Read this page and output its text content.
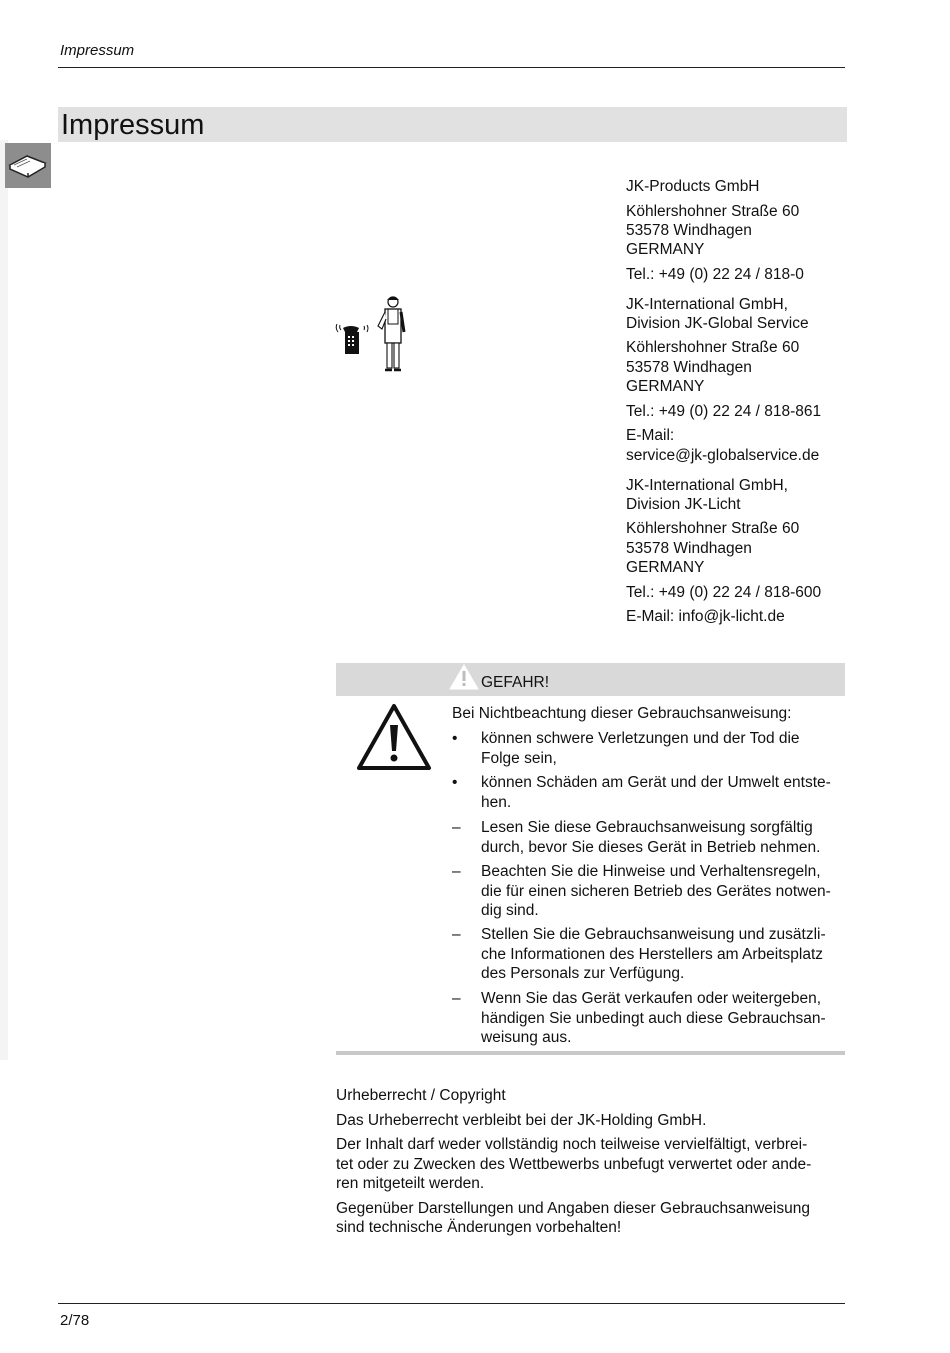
Impressum
Impressum
JK-Products GmbH
Köhlershohner Straße 60
53578 Windhagen
GERMANY
Tel.: +49 (0) 22 24 / 818-0
JK-International GmbH,
Division JK-Global Service
Köhlershohner Straße 60
53578 Windhagen
GERMANY
Tel.: +49 (0) 22 24 / 818-861
E-Mail:
service@jk-globalservice.de
JK-International GmbH,
Division JK-Licht
Köhlershohner Straße 60
53578 Windhagen
GERMANY
Tel.: +49 (0) 22 24 / 818-600
E-Mail: info@jk-licht.de
GEFAHR!
Bei Nichtbeachtung dieser Gebrauchsanweisung:
•	können schwere Verletzungen und der Tod die
Folge sein,
•	können Schäden am Gerät und der Umwelt entste-
hen.
–	Lesen Sie diese Gebrauchsanweisung sorgfältig
durch, bevor Sie dieses Gerät in Betrieb nehmen.
–	Beachten Sie die Hinweise und Verhaltensregeln,
die für einen sicheren Betrieb des Gerätes notwen-
dig sind.
–	Stellen Sie die Gebrauchsanweisung und zusätzli-
che Informationen des Herstellers am Arbeitsplatz
des Personals zur Verfügung.
–	Wenn Sie das Gerät verkaufen oder weitergeben,
händigen Sie unbedingt auch diese Gebrauchsan-
weisung aus.
Urheberrecht / Copyright
Das Urheberrecht verbleibt bei der JK-Holding GmbH.
Der Inhalt darf weder vollständig noch teilweise vervielfältigt, verbrei-
tet oder zu Zwecken des Wettbewerbs unbefugt verwertet oder ande-
ren mitgeteilt werden.
Gegenüber Darstellungen und Angaben dieser Gebrauchsanweisung
sind technische Änderungen vorbehalten!
2/78
